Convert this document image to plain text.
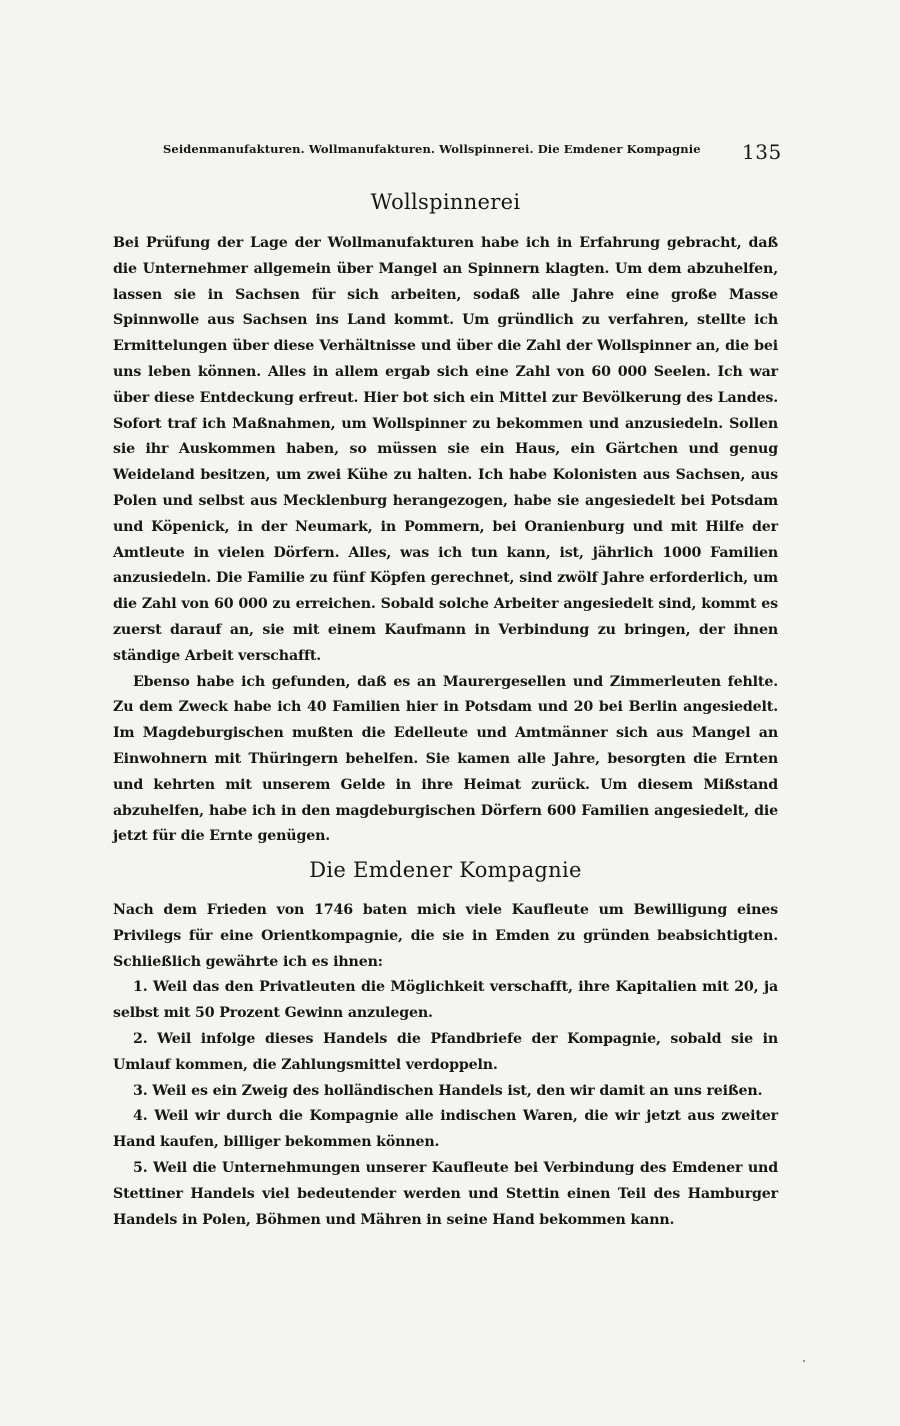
Seidenmanufakturen. Wollmanufakturen. Wollspinnerei. Die Emdener Kompagnie	135
Wollspinnerei

Bei Prüfung der Lage der Wollmanufakturen habe ich in Erfahrung gebracht, daß die Unternehmer allgemein über Mangel an Spinnern klagten. Um dem abzuhelfen, lassen sie in Sachsen für sich arbeiten, sodaß alle Jahre eine große Masse Spinnwolle aus Sachsen ins Land kommt. Um gründlich zu verfahren, stellte ich Ermittelungen über diese Verhältnisse und über die Zahl der Wollspinner an, die bei uns leben können. Alles in allem ergab sich eine Zahl von 60 000 Seelen. Ich war über diese Entdeckung erfreut. Hier bot sich ein Mittel zur Bevölkerung des Landes. Sofort traf ich Maßnahmen, um Wollspinner zu bekommen und anzusiedeln. Sollen sie ihr Auskommen haben, so müssen sie ein Haus, ein Gärtchen und genug Weideland besitzen, um zwei Kühe zu halten. Ich habe Kolonisten aus Sachsen, aus Polen und selbst aus Mecklenburg herangezogen, habe sie angesiedelt bei Potsdam und Köpenick, in der Neumark, in Pommern, bei Oranienburg und mit Hilfe der Amtleute in vielen Dörfern. Alles, was ich tun kann, ist, jährlich 1000 Familien anzusiedeln. Die Familie zu fünf Köpfen gerechnet, sind zwölf Jahre erforderlich, um die Zahl von 60 000 zu erreichen. Sobald solche Arbeiter angesiedelt sind, kommt es zuerst darauf an, sie mit einem Kaufmann in Verbindung zu bringen, der ihnen ständige Arbeit verschafft.

Ebenso habe ich gefunden, daß es an Maurergesellen und Zimmerleuten fehlte. Zu dem Zweck habe ich 40 Familien hier in Potsdam und 20 bei Berlin angesiedelt. Im Magdeburgischen mußten die Edelleute und Amtmänner sich aus Mangel an Einwohnern mit Thüringern behelfen. Sie kamen alle Jahre, besorgten die Ernten und kehrten mit unserem Gelde in ihre Heimat zurück. Um diesem Mißstand abzuhelfen, habe ich in den magdeburgischen Dörfern 600 Familien angesiedelt, die jetzt für die Ernte genügen.

Die Emdener Kompagnie

Nach dem Frieden von 1746 baten mich viele Kaufleute um Bewilligung eines Privilegs für eine Orientkompagnie, die sie in Emden zu gründen beabsichtigten. Schließlich gewährte ich es ihnen:

1. Weil das den Privatleuten die Möglichkeit verschafft, ihre Kapitalien mit 20, ja selbst mit 50 Prozent Gewinn anzulegen.

2. Weil infolge dieses Handels die Pfandbriefe der Kompagnie, sobald sie in Umlauf kommen, die Zahlungsmittel verdoppeln.

3. Weil es ein Zweig des holländischen Handels ist, den wir damit an uns reißen.

4. Weil wir durch die Kompagnie alle indischen Waren, die wir jetzt aus zweiter Hand kaufen, billiger bekommen können.

5. Weil die Unternehmungen unserer Kaufleute bei Verbindung des Emdener und Stettiner Handels viel bedeutender werden und Stettin einen Teil des Hamburger Handels in Polen, Böhmen und Mähren in seine Hand bekommen kann.
